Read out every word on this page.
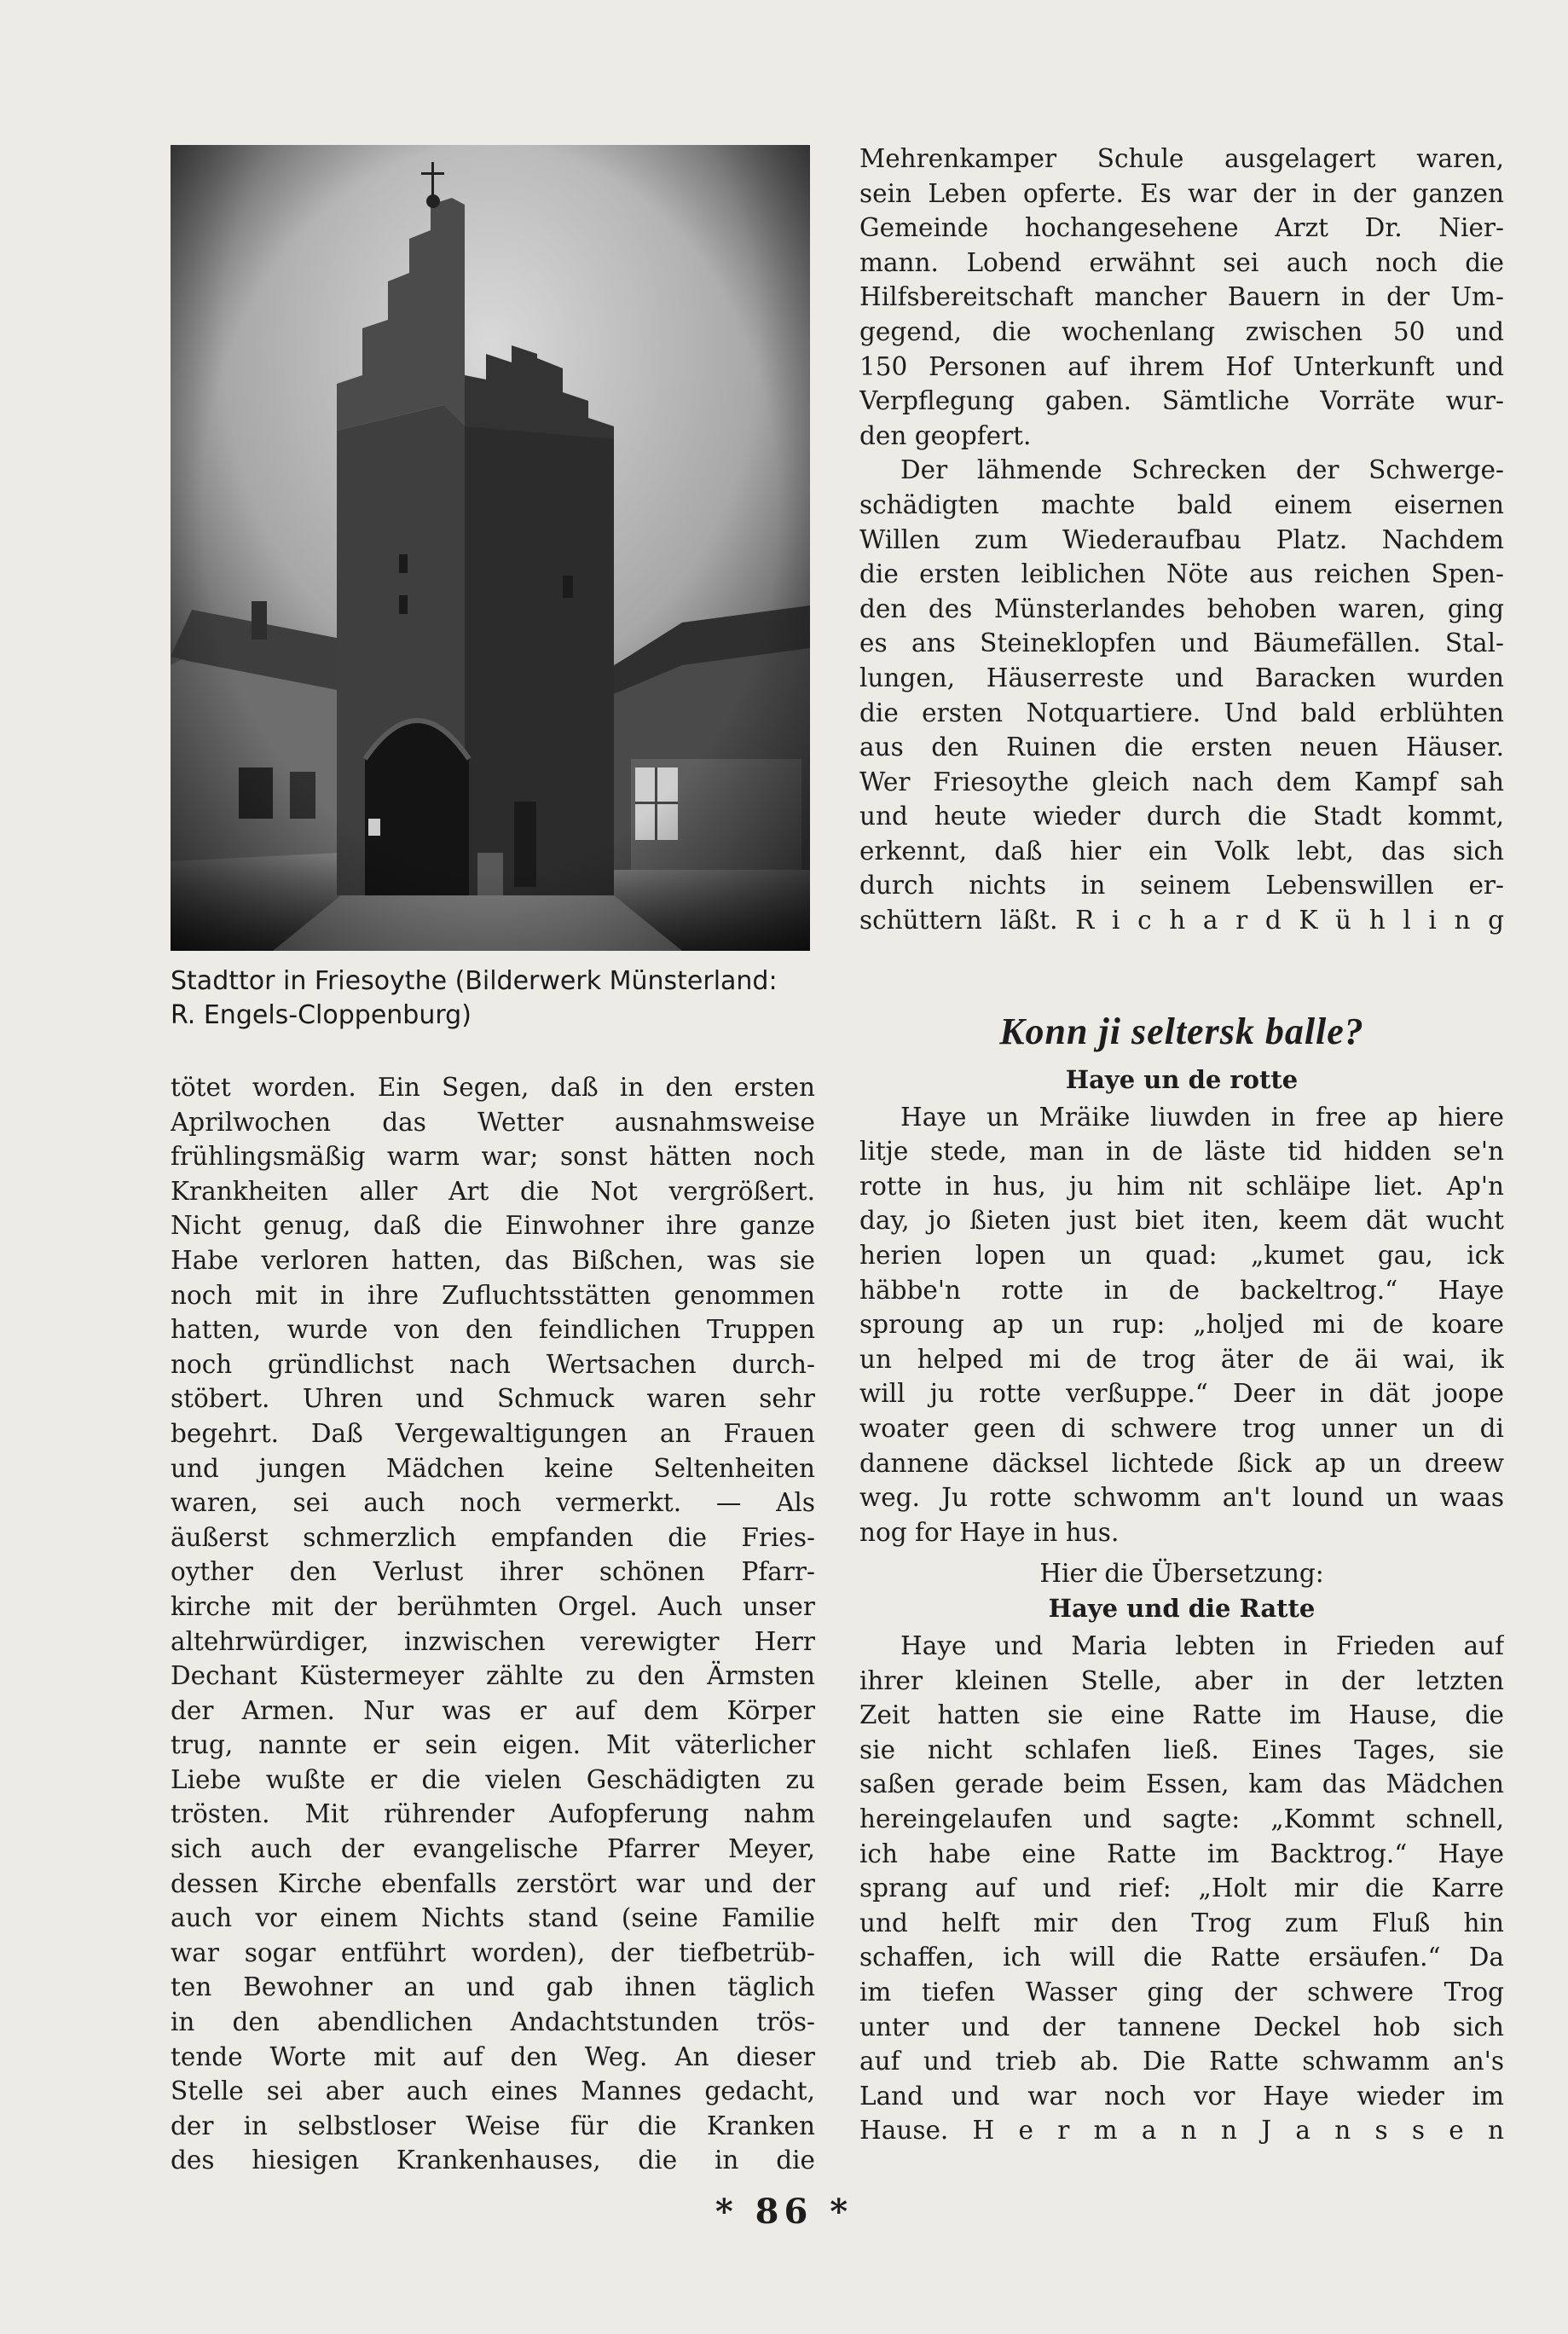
Stadttor in Friesoythe (Bilderwerk Münsterland:
R. Engels-Cloppenburg)
tötet worden. Ein Segen, daß in den ersten
Aprilwochen das Wetter ausnahmsweise
frühlingsmäßig warm war; sonst hätten noch
Krankheiten aller Art die Not vergrößert.
Nicht genug, daß die Einwohner ihre ganze
Habe verloren hatten, das Bißchen, was sie
noch mit in ihre Zufluchtsstätten genommen
hatten, wurde von den feindlichen Truppen
noch gründlichst nach Wertsachen durch-
stöbert. Uhren und Schmuck waren sehr
begehrt. Daß Vergewaltigungen an Frauen
und jungen Mädchen keine Seltenheiten
waren, sei auch noch vermerkt. — Als
äußerst schmerzlich empfanden die Fries-
oyther den Verlust ihrer schönen Pfarr-
kirche mit der berühmten Orgel. Auch unser
altehrwürdiger, inzwischen verewigter Herr
Dechant Küstermeyer zählte zu den Ärmsten
der Armen. Nur was er auf dem Körper
trug, nannte er sein eigen. Mit väterlicher
Liebe wußte er die vielen Geschädigten zu
trösten. Mit rührender Aufopferung nahm
sich auch der evangelische Pfarrer Meyer,
dessen Kirche ebenfalls zerstört war und der
auch vor einem Nichts stand (seine Familie
war sogar entführt worden), der tiefbetrüb-
ten Bewohner an und gab ihnen täglich
in den abendlichen Andachtstunden trös-
tende Worte mit auf den Weg. An dieser
Stelle sei aber auch eines Mannes gedacht,
der in selbstloser Weise für die Kranken
des hiesigen Krankenhauses, die in die
Mehrenkamper Schule ausgelagert waren,
sein Leben opferte. Es war der in der ganzen
Gemeinde hochangesehene Arzt Dr. Nier-
mann. Lobend erwähnt sei auch noch die
Hilfsbereitschaft mancher Bauern in der Um-
gegend, die wochenlang zwischen 50 und
150 Personen auf ihrem Hof Unterkunft und
Verpflegung gaben. Sämtliche Vorräte wur-
den geopfert.
Der lähmende Schrecken der Schwerge-
schädigten machte bald einem eisernen
Willen zum Wiederaufbau Platz. Nachdem
die ersten leiblichen Nöte aus reichen Spen-
den des Münsterlandes behoben waren, ging
es ans Steineklopfen und Bäumefällen. Stal-
lungen, Häuserreste und Baracken wurden
die ersten Notquartiere. Und bald erblühten
aus den Ruinen die ersten neuen Häuser.
Wer Friesoythe gleich nach dem Kampf sah
und heute wieder durch die Stadt kommt,
erkennt, daß hier ein Volk lebt, das sich
durch nichts in seinem Lebenswillen er-
schüttern läßt. R i c h a r d K ü h l i n g
Konn ji seltersk balle?
Haye un de rotte
Haye un Mräike liuwden in free ap hiere
litje stede, man in de läste tid hidden se'n
rotte in hus, ju him nit schläipe liet. Ap'n
day, jo ßieten just biet iten, keem dät wucht
herien lopen un quad: „kumet gau, ick
häbbe'n rotte in de backeltrog.“ Haye
sproung ap un rup: „holjed mi de koare
un helped mi de trog äter de äi wai, ik
will ju rotte verßuppe.“ Deer in dät joope
woater geen di schwere trog unner un di
dannene däcksel lichtede ßick ap un dreew
weg. Ju rotte schwomm an't lound un waas
nog for Haye in hus.
Hier die Übersetzung:
Haye und die Ratte
Haye und Maria lebten in Frieden auf
ihrer kleinen Stelle, aber in der letzten
Zeit hatten sie eine Ratte im Hause, die
sie nicht schlafen ließ. Eines Tages, sie
saßen gerade beim Essen, kam das Mädchen
hereingelaufen und sagte: „Kommt schnell,
ich habe eine Ratte im Backtrog.“ Haye
sprang auf und rief: „Holt mir die Karre
und helft mir den Trog zum Fluß hin
schaffen, ich will die Ratte ersäufen.“ Da
im tiefen Wasser ging der schwere Trog
unter und der tannene Deckel hob sich
auf und trieb ab. Die Ratte schwamm an's
Land und war noch vor Haye wieder im
Hause. H e r m a n n J a n s s e n
* 86 *
